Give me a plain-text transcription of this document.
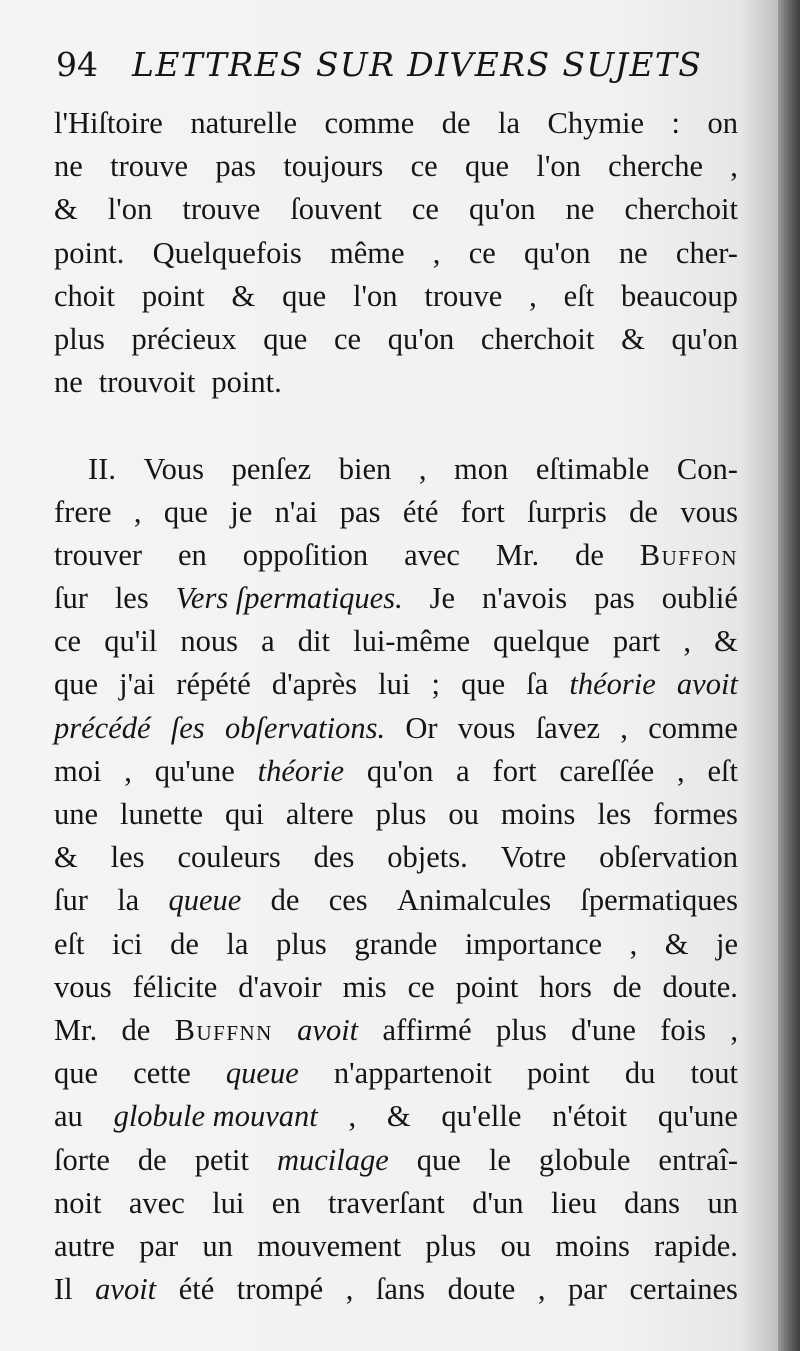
94 LETTRES SUR DIVERS SUJETS
l'Hiſtoire naturelle comme de la Chymie : on
ne trouve pas toujours ce que l'on cherche ,
& l'on trouve ſouvent ce qu'on ne cherchoit
point. Quelquefois même , ce qu'on ne cher-
choit point & que l'on trouve , eſt beaucoup
plus précieux que ce qu'on cherchoit & qu'on
ne trouvoit point.
II. Vous penſez bien , mon eſtimable Con-
frere , que je n'ai pas été fort ſurpris de vous
trouver en oppoſition avec Mr. de Buffon
ſur les Vers ſpermatiques. Je n'avois pas oublié
ce qu'il nous a dit lui-même quelque part , &
que j'ai répété d'après lui ; que ſa théorie avoit
précédé ſes obſervations. Or vous ſavez , comme
moi , qu'une théorie qu'on a fort careſſée , eſt
une lunette qui altere plus ou moins les formes
& les couleurs des objets. Votre obſervation
ſur la queue de ces Animalcules ſpermatiques
eſt ici de la plus grande importance , & je
vous félicite d'avoir mis ce point hors de doute.
Mr. de Buffnn avoit affirmé plus d'une fois ,
que cette queue n'appartenoit point du tout
au globule mouvant , & qu'elle n'étoit qu'une
ſorte de petit mucilage que le globule entraî-
noit avec lui en traverſant d'un lieu dans un
autre par un mouvement plus ou moins rapide.
Il avoit été trompé , ſans doute , par certaines
